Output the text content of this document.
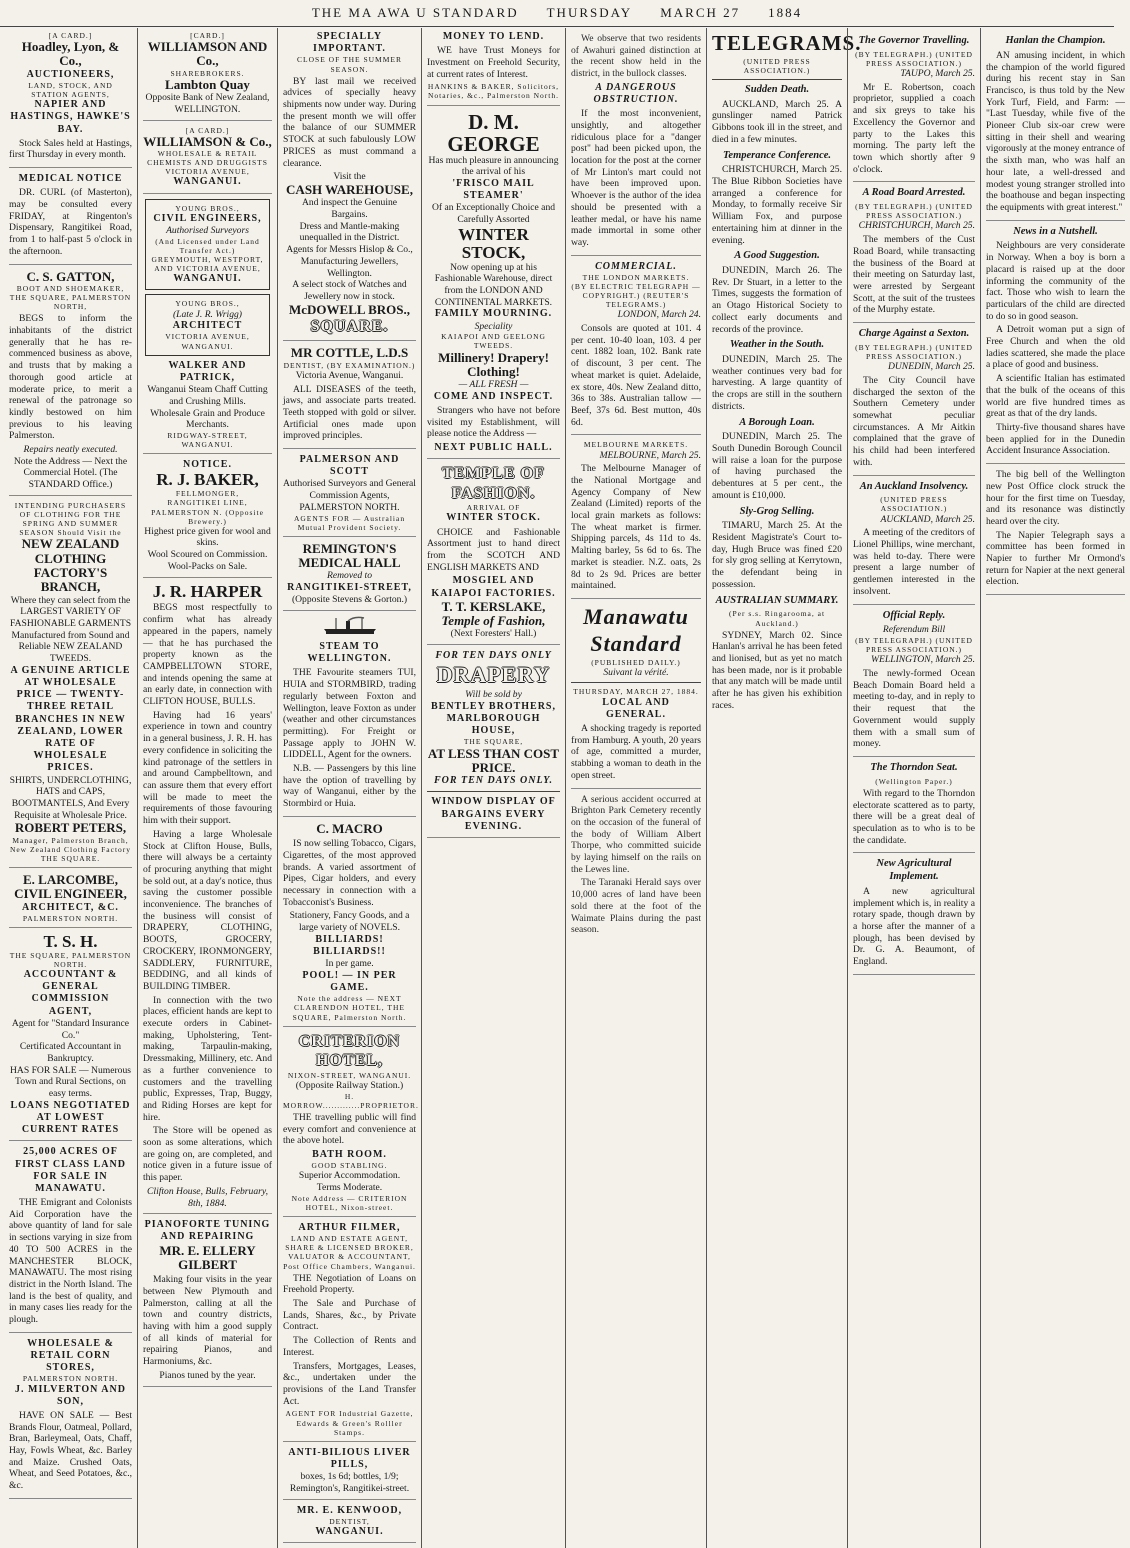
THE MA AWA U STANDARD THURSDAY MARCH 27 1884
[A CARD.]
Hoadley, Lyon, & Co.,
AUCTIONEERS,
LAND, STOCK, AND STATION AGENTS,
NAPIER AND HASTINGS, HAWKE'S BAY.
Stock Sales held at Hastings, first Thursday in every month.
MEDICAL NOTICE
DR. CURL (of Masterton), may be consulted every FRIDAY, at Ringenton's Dispensary, Rangitikei Road, from 1 to half-past 5 o'clock in the afternoon.
C. S. GATTON,
BOOT AND SHOEMAKER,
THE SQUARE, PALMERSTON NORTH,
BEGS to inform the inhabitants of the district generally that he has re-commenced business as above, and trusts that by making a thorough good article at moderate price, to merit a renewal of the patronage so kindly bestowed on him previous to his leaving Palmerston.
Repairs neatly executed.
Note the Address — Next the Commercial Hotel. (The STANDARD Office.)
INTENDING PURCHASERS OF CLOTHING FOR THE SPRING AND SUMMER SEASON Should Visit the
NEW ZEALAND CLOTHING FACTORY'S BRANCH,
Where they can select from the LARGEST VARIETY OF FASHIONABLE GARMENTS Manufactured from Sound and Reliable NEW ZEALAND TWEEDS.
A GENUINE ARTICLE AT WHOLESALE PRICE — TWENTY-THREE RETAIL BRANCHES IN NEW ZEALAND, LOWER RATE OF WHOLESALE PRICES.
SHIRTS, UNDERCLOTHING, HATS and CAPS, BOOTMANTELS, And Every Requisite at Wholesale Price.
ROBERT PETERS,
Manager, Palmerston Branch, New Zealand Clothing Factory THE SQUARE.
E. LARCOMBE,
CIVIL ENGINEER,
ARCHITECT, &C.
PALMERSTON NORTH.
T. S. H.
THE SQUARE, PALMERSTON NORTH.
ACCOUNTANT & GENERAL COMMISSION AGENT,
Agent for "Standard Insurance Co."
Certificated Accountant in Bankruptcy.
HAS FOR SALE — Numerous Town and Rural Sections, on easy terms.
LOANS NEGOTIATED AT LOWEST CURRENT RATES
25,000 ACRES OF FIRST CLASS LAND FOR SALE IN MANAWATU.
THE Emigrant and Colonists Aid Corporation have the above quantity of land for sale in sections varying in size from 40 TO 500 ACRES in the MANCHESTER BLOCK, MANAWATU. The most rising district in the North Island. The land is the best of quality, and in many cases lies ready for the plough.
WHOLESALE & RETAIL CORN STORES,
PALMERSTON NORTH.
J. MILVERTON AND SON,
HAVE ON SALE — Best Brands Flour, Oatmeal, Pollard, Bran, Barleymeal, Oats, Chaff, Hay, Fowls Wheat, &c. Barley and Maize. Crushed Oats, Wheat, and Seed Potatoes, &c., &c.
[CARD.]
WILLIAMSON AND Co.,
SHAREBROKERS.
Lambton Quay
Opposite Bank of New Zealand, WELLINGTON.
[A CARD.]
WILLIAMSON & Co.,
WHOLESALE & RETAIL CHEMISTS AND DRUGGISTS
VICTORIA AVENUE,
WANGANUI.
YOUNG BROS.,
CIVIL ENGINEERS,
Authorised Surveyors
(And Licensed under Land Transfer Act.)
GREYMOUTH, WESTPORT, AND VICTORIA AVENUE,
WANGANUI.
YOUNG BROS.,
(Late J. R. Wrigg)
ARCHITECT
VICTORIA AVENUE, WANGANUI.
WALKER AND PATRICK,
Wanganui Steam Chaff Cutting and Crushing Mills.
Wholesale Grain and Produce Merchants.
RIDGWAY-STREET, WANGANUI.
NOTICE.
R. J. BAKER,
FELLMONGER,
RANGITIKEI LINE, PALMERSTON N. (Opposite Brewery.)
Highest price given for wool and skins.
Wool Scoured on Commission.
Wool-Packs on Sale.
J. R. HARPER
BEGS most respectfully to confirm what has already appeared in the papers, namely — that he has purchased the property known as the CAMPBELLTOWN STORE, and intends opening the same at an early date, in connection with CLIFTON HOUSE, BULLS.
Having had 16 years' experience in town and country in a general business, J. R. H. has every confidence in soliciting the kind patronage of the settlers in and around Campbelltown, and can assure them that every effort will be made to meet the requirements of those favouring him with their support.
Having a large Wholesale Stock at Clifton House, Bulls, there will always be a certainty of procuring anything that might be sold out, at a day's notice, thus saving the customer possible inconvenience. The branches of the business will consist of DRAPERY, CLOTHING, BOOTS, GROCERY, CROCKERY, IRONMONGERY, SADDLERY, FURNITURE, BEDDING, and all kinds of BUILDING TIMBER.
In connection with the two places, efficient hands are kept to execute orders in Cabinet-making, Upholstering, Tent-making, Tarpaulin-making, Dressmaking, Millinery, etc. And as a further convenience to customers and the travelling public, Expresses, Trap, Buggy, and Riding Horses are kept for hire.
The Store will be opened as soon as some alterations, which are going on, are completed, and notice given in a future issue of this paper.
Clifton House, Bulls, February, 8th, 1884.
PIANOFORTE TUNING AND REPAIRING
MR. E. ELLERY GILBERT
Making four visits in the year between New Plymouth and Palmerston, calling at all the town and country districts, having with him a good supply of all kinds of material for repairing Pianos, and Harmoniums, &c.
Pianos tuned by the year.
SPECIALLY IMPORTANT.
CLOSE OF THE SUMMER SEASON.
BY last mail we received advices of specially heavy shipments now under way. During the present month we will offer the balance of our SUMMER STOCK at such fabulously LOW PRICES as must command a clearance.
Visit the
CASH WAREHOUSE,
And inspect the Genuine Bargains.
Dress and Mantle-making unequalled in the District.
Agents for Messrs Hislop & Co., Manufacturing Jewellers, Wellington.
A select stock of Watches and Jewellery now in stock.
McDOWELL BROS.,
SQUARE.
MR COTTLE, L.D.S
DENTIST, (BY EXAMINATION.)
Victoria Avenue, Wanganui.
ALL DISEASES of the teeth, jaws, and associate parts treated. Teeth stopped with gold or silver. Artificial ones made upon improved principles.
PALMERSON AND SCOTT
Authorised Surveyors and General Commission Agents, PALMERSTON NORTH.
AGENTS FOR — Australian Mutual Provident Society.
REMINGTON'S MEDICAL HALL
Removed to
RANGITIKEI-STREET,
(Opposite Stevens & Gorton.)
STEAM TO WELLINGTON.
THE Favourite steamers TUI, HUIA and STORMBIRD, trading regularly between Foxton and Wellington, leave Foxton as under (weather and other circumstances permitting). For Freight or Passage apply to JOHN W. LIDDELL, Agent for the owners.
N.B. — Passengers by this line have the option of travelling by way of Wanganui, either by the Stormbird or Huia.
C. MACRO
IS now selling Tobacco, Cigars, Cigarettes, of the most approved brands. A varied assortment of Pipes, Cigar holders, and every necessary in connection with a Tobacconist's Business.
Stationery, Fancy Goods, and a large variety of NOVELS.
BILLIARDS! BILLIARDS!!
In per game.
POOL! — IN PER GAME.
Note the address — NEXT CLARENDON HOTEL, THE SQUARE, Palmerston North.
CRITERION HOTEL,
NIXON-STREET, WANGANUI.
(Opposite Railway Station.)
H. MORROW.............PROPRIETOR.
THE travelling public will find every comfort and convenience at the above hotel.
BATH ROOM.
GOOD STABLING.
Superior Accommodation.
Terms Moderate.
Note Address — CRITERION HOTEL, Nixon-street.
ARTHUR FILMER,
LAND AND ESTATE AGENT, SHARE & LICENSED BROKER, VALUATOR & ACCOUNTANT, Post Office Chambers, Wanganui.
THE Negotiation of Loans on Freehold Property.
The Sale and Purchase of Lands, Shares, &c., by Private Contract.
The Collection of Rents and Interest.
Transfers, Mortgages, Leases, &c., undertaken under the provisions of the Land Transfer Act.
AGENT FOR Industrial Gazette, Edwards & Green's Rolller Stamps.
ANTI-BILIOUS LIVER PILLS,
boxes, 1s 6d; bottles, 1/9; Remington's, Rangitikei-street.
MR. E. KENWOOD,
DENTIST,
WANGANUI.
MONEY TO LEND.
WE have Trust Moneys for Investment on Freehold Security, at current rates of Interest.
HANKINS & BAKER, Solicitors, Notaries, &c., Palmerston North.
D. M. GEORGE
Has much pleasure in announcing the arrival of his
'FRISCO MAIL STEAMER'
Of an Exceptionally Choice and Carefully Assorted
WINTER STOCK,
Now opening up at his Fashionable Warehouse, direct from the LONDON AND CONTINENTAL MARKETS.
FAMILY MOURNING.
Speciality
KAIAPOI AND GEELONG TWEEDS.
Millinery! Drapery! Clothing!
— ALL FRESH —
COME AND INSPECT.
Strangers who have not before visited my Establishment, will please notice the Address —
NEXT PUBLIC HALL.
TEMPLE OF FASHION.
ARRIVAL OF
WINTER STOCK.
CHOICE and Fashionable Assortment just to hand direct from the SCOTCH AND ENGLISH MARKETS AND
MOSGIEL AND KAIAPOI FACTORIES.
T. T. KERSLAKE,
Temple of Fashion,
(Next Foresters' Hall.)
FOR TEN DAYS ONLY
DRAPERY
Will be sold by
BENTLEY BROTHERS,
MARLBOROUGH HOUSE,
THE SQUARE,
AT LESS THAN COST PRICE.
FOR TEN DAYS ONLY.
WINDOW DISPLAY OF BARGAINS EVERY EVENING.
We observe that two residents of Awahuri gained distinction at the recent show held in the district, in the bullock classes.
A DANGEROUS OBSTRUCTION.
If the most inconvenient, unsightly, and altogether ridiculous place for a "danger post" had been picked upon, the location for the post at the corner of Mr Linton's mart could not have been improved upon. Whoever is the author of the idea should be presented with a leather medal, or have his name made immortal in some other way.
COMMERCIAL.
THE LONDON MARKETS.
(BY ELECTRIC TELEGRAPH — COPYRIGHT.) (REUTER'S TELEGRAMS.)
LONDON, March 24.
Consols are quoted at 101. 4 per cent. 10-40 loan, 103. 4 per cent. 1882 loan, 102. Bank rate of discount, 3 per cent. The wheat market is quiet. Adelaide, ex store, 40s. New Zealand ditto, 36s to 38s. Australian tallow — Beef, 37s 6d. Best mutton, 40s 6d.
MELBOURNE MARKETS.
MELBOURNE, March 25.
The Melbourne Manager of the National Mortgage and Agency Company of New Zealand (Limited) reports of the local grain markets as follows: The wheat market is firmer. Shipping parcels, 4s 11d to 4s. Malting barley, 5s 6d to 6s. The market is steadier. N.Z. oats, 2s 8d to 2s 9d. Prices are better maintained.
Manawatu Standard
(PUBLISHED DAILY.)
Suivant la vérité.
THURSDAY, MARCH 27, 1884.
LOCAL AND GENERAL.
A shocking tragedy is reported from Hamburg. A youth, 20 years of age, committed a murder, stabbing a woman to death in the open street.
A serious accident occurred at Brighton Park Cemetery recently on the occasion of the funeral of the body of William Albert Thorpe, who committed suicide by laying himself on the rails on the Lewes line.
The Taranaki Herald says over 10,000 acres of land have been sold there at the foot of the Waimate Plains during the past season.
TELEGRAMS.
(UNITED PRESS ASSOCIATION.)
Sudden Death.
AUCKLAND, March 25. A gunslinger named Patrick Gibbons took ill in the street, and died in a few minutes.
Temperance Conference.
CHRISTCHURCH, March 25. The Blue Ribbon Societies have arranged a conference for Monday, to formally receive Sir William Fox, and purpose entertaining him at dinner in the evening.
A Good Suggestion.
DUNEDIN, March 26. The Rev. Dr Stuart, in a letter to the Times, suggests the formation of an Otago Historical Society to collect early documents and records of the province.
Weather in the South.
DUNEDIN, March 25. The weather continues very bad for harvesting. A large quantity of the crops are still in the southern districts.
A Borough Loan.
DUNEDIN, March 25. The South Dunedin Borough Council will raise a loan for the purpose of having purchased the debentures at 5 per cent., the amount is £10,000.
Sly-Grog Selling.
TIMARU, March 25. At the Resident Magistrate's Court to-day, Hugh Bruce was fined £20 for sly grog selling at Kerrytown, the defendant being in possession.
AUSTRALIAN SUMMARY.
(Per s.s. Ringarooma, at Auckland.)
SYDNEY, March 02. Since Hanlan's arrival he has been feted and lionised, but as yet no match has been made, nor is it probable that any match will be made until after he has given his exhibition races.
The Governor Travelling.
(BY TELEGRAPH.) (UNITED PRESS ASSOCIATION.)
TAUPO, March 25.
Mr E. Robertson, coach proprietor, supplied a coach and six greys to take his Excellency the Governor and party to the Lakes this morning. The party left the town which shortly after 9 o'clock.
A Road Board Arrested.
(BY TELEGRAPH.) (UNITED PRESS ASSOCIATION.)
CHRISTCHURCH, March 25.
The members of the Cust Road Board, while transacting the business of the Board at their meeting on Saturday last, were arrested by Sergeant Scott, at the suit of the trustees of the Murphy estate.
Charge Against a Sexton.
(BY TELEGRAPH.) (UNITED PRESS ASSOCIATION.)
DUNEDIN, March 25.
The City Council have discharged the sexton of the Southern Cemetery under somewhat peculiar circumstances. A Mr Aitkin complained that the grave of his child had been interfered with.
An Auckland Insolvency.
(UNITED PRESS ASSOCIATION.)
AUCKLAND, March 25.
A meeting of the creditors of Lionel Phillips, wine merchant, was held to-day. There were present a large number of gentlemen interested in the insolvent.
Official Reply.
Referendum Bill
(BY TELEGRAPH.) (UNITED PRESS ASSOCIATION.)
WELLINGTON, March 25.
The newly-formed Ocean Beach Domain Board held a meeting to-day, and in reply to their request that the Government would supply them with a small sum of money.
The Thorndon Seat.
(Wellington Paper.)
With regard to the Thorndon electorate scattered as to party, there will be a great deal of speculation as to who is to be the candidate.
New Agricultural Implement.
A new agricultural implement which is, in reality a rotary spade, though drawn by a horse after the manner of a plough, has been devised by Dr. G. A. Beaumont, of England.
Hanlan the Champion.
AN amusing incident, in which the champion of the world figured during his recent stay in San Francisco, is thus told by the New York Turf, Field, and Farm: — "Last Tuesday, while five of the Pioneer Club six-oar crew were sitting in their shell and wearing vigorously at the money entrance of the sixth man, who was half an hour late, a well-dressed and modest young stranger strolled into the boathouse and began inspecting the equipments with great interest."
News in a Nutshell.
Neighbours are very considerate in Norway. When a boy is born a placard is raised up at the door informing the community of the fact. Those who wish to learn the particulars of the child are directed to do so in good season.
A Detroit woman put a sign of Free Church and when the old ladies scattered, she made the place a place of good and business.
A scientific Italian has estimated that the bulk of the oceans of this world are five hundred times as great as that of the dry lands.
Thirty-five thousand shares have been applied for in the Dunedin Accident Insurance Association.
The big bell of the Wellington new Post Office clock struck the hour for the first time on Tuesday, and its resonance was distinctly heard over the city.
The Napier Telegraph says a committee has been formed in Napier to further Mr Ormond's return for Napier at the next general election.
